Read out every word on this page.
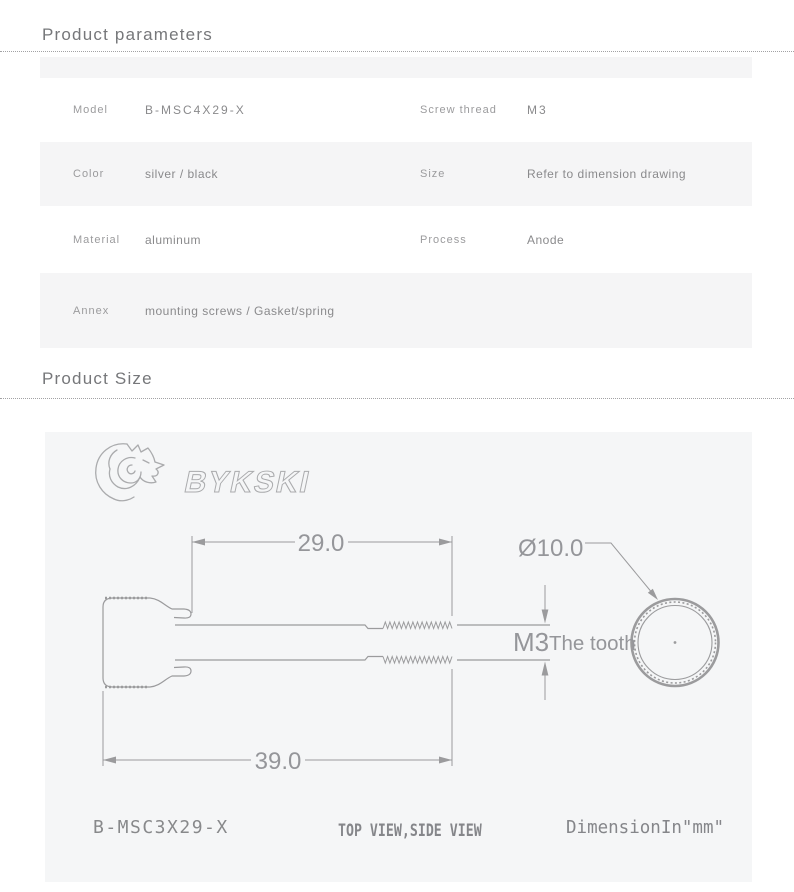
Product parameters
Model	B-MSC4X29-X	Screw thread	M3
Color	silver / black	Size	Refer to dimension drawing
Material aluminum	Process	Anode
Annex	mounting screws / Gasket/spring
Product Size
BYKSKI
29.0
39.0
Ø10.0
M3 The tooth
B-MSC3X29-X	TOP VIEW,SIDE VIEW	DimensionIn"mm"
